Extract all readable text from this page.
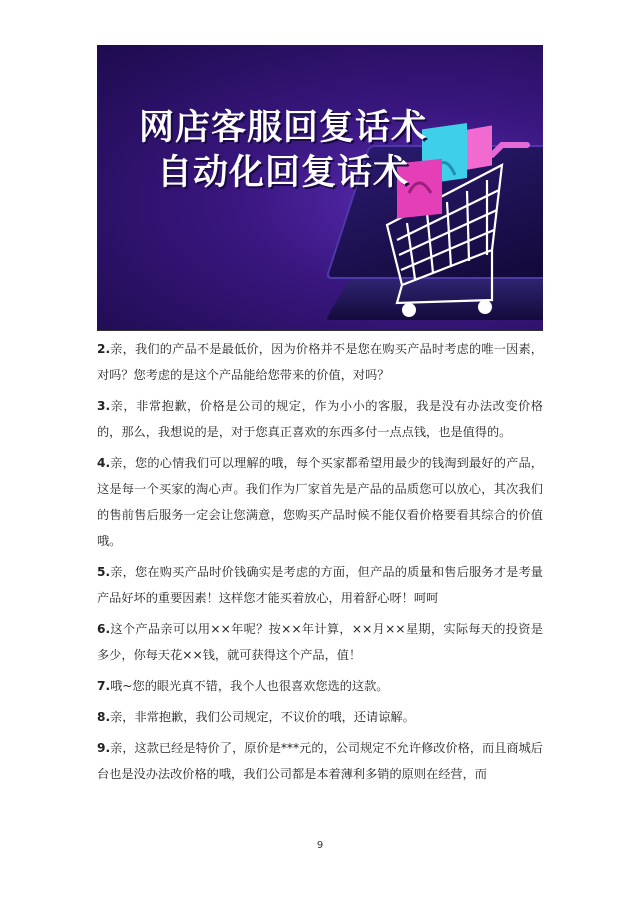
网店客服回复话术
自动化回复话术

2.亲，我们的产品不是最低价，因为价格并不是您在购买产品时考虑的唯一因素，对吗？您考虑的是这个产品能给您带来的价值，对吗？

3.亲，非常抱歉，价格是公司的规定，作为小小的客服，我是没有办法改变价格的，那么，我想说的是，对于您真正喜欢的东西多付一点点钱，也是值得的。

4.亲，您的心情我们可以理解的哦，每个买家都希望用最少的钱淘到最好的产品，这是每一个买家的淘心声。我们作为厂家首先是产品的品质您可以放心，其次我们的售前售后服务一定会让您满意，您购买产品时候不能仅看价格要看其综合的价值哦。

5.亲，您在购买产品时价钱确实是考虑的方面，但产品的质量和售后服务才是考量产品好坏的重要因素！这样您才能买着放心，用着舒心呀！呵呵

6.这个产品亲可以用××年呢？按××年计算，××月××星期，实际每天的投资是多少，你每天花××钱，就可获得这个产品，值！

7.哦~您的眼光真不错，我个人也很喜欢您选的这款。

8.亲，非常抱歉，我们公司规定，不议价的哦，还请谅解。

9.亲，这款已经是特价了，原价是***元的，公司规定不允许修改价格，而且商城后台也是没办法改价格的哦，我们公司都是本着薄利多销的原则在经营，而

9
